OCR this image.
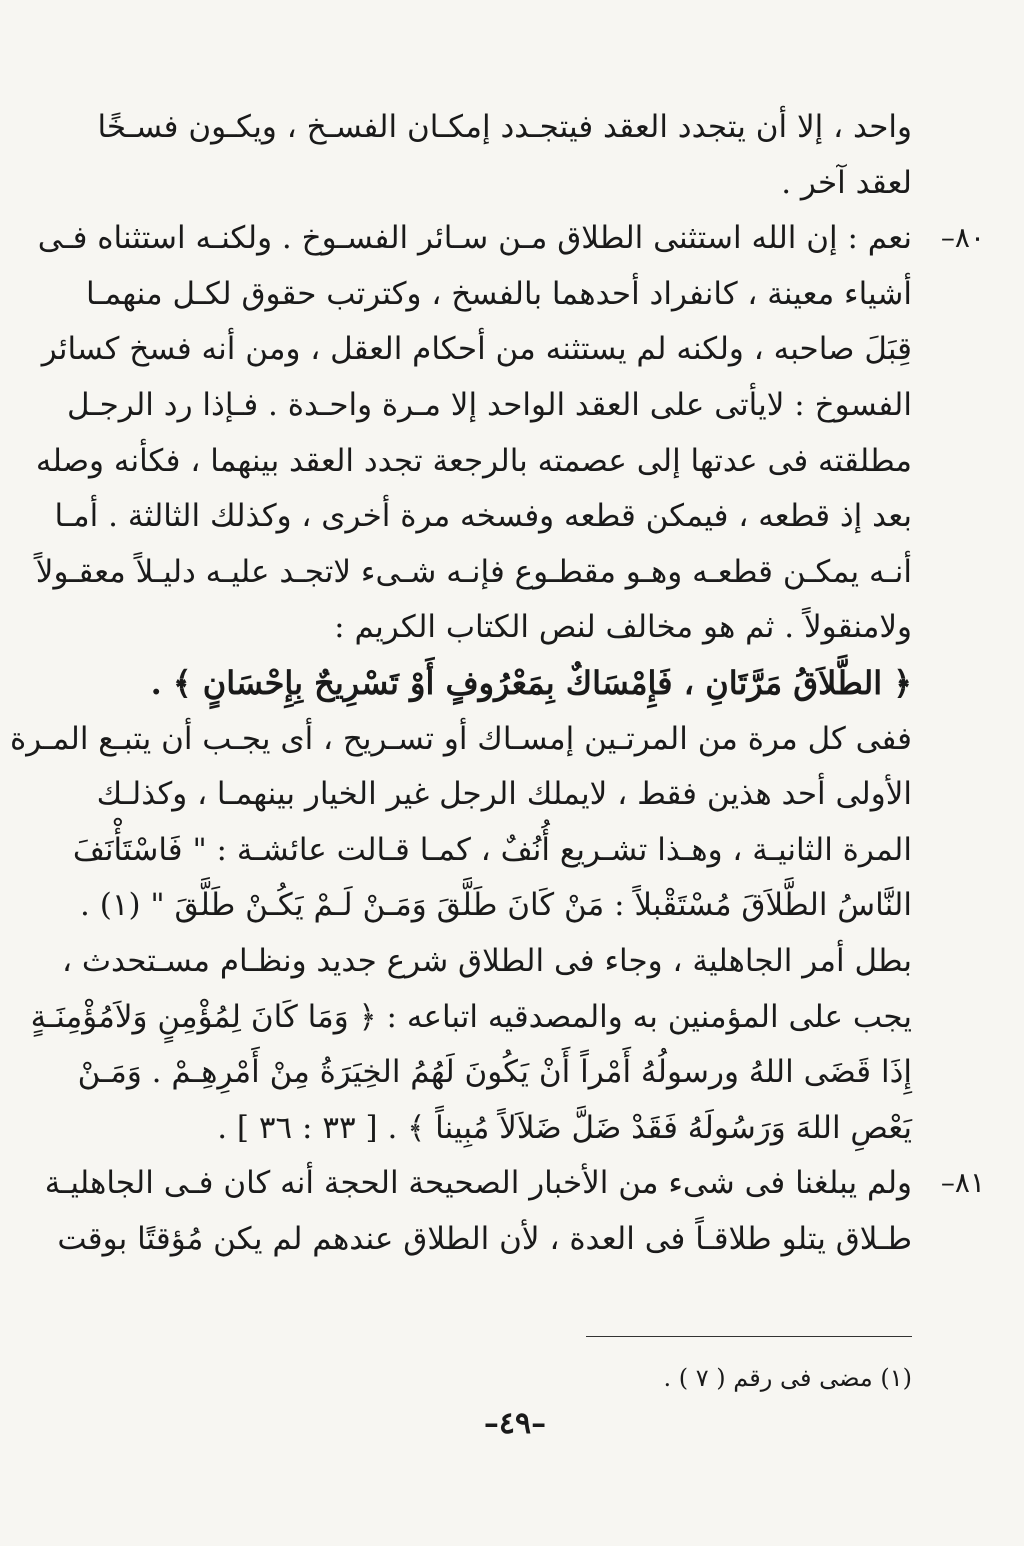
واحد ، إلا أن يتجدد العقد فيتجـدد إمكـان الفسـخ ، ويكـون فسـخًا
لعقد آخر .
٨٠–
نعم : إن الله استثنى الطلاق مـن سـائر الفسـوخ . ولكنـه استثناه فـى
أشياء معينة ، كانفراد أحدهما بالفسخ ، وكترتب حقوق لكـل منهمـا
قِبَلَ صاحبه ، ولكنه لم يستثنه من أحكام العقل ، ومن أنه فسخ كسائر
الفسوخ : لايأتى على العقد الواحد إلا مـرة واحـدة . فـإذا رد الرجـل
مطلقته فى عدتها إلى عصمته بالرجعة تجدد العقد بينهما ، فكأنه وصله
بعد إذ قطعه ، فيمكن قطعه وفسخه مرة أخرى ، وكذلك الثالثة . أمـا
أنـه يمكـن قطعـه وهـو مقطـوع فإنـه شـىء لاتجـد عليـه دليـلاً معقـولاً
ولامنقولاً . ثم هو مخالف لنص الكتاب الكريم :
﴿ الطَّلاَقُ مَرَّتَانِ ، فَإِمْسَاكٌ بِمَعْرُوفٍ أَوْ تَسْرِيحٌ بِإِحْسَانٍ ﴾ .
ففى كل مرة من المرتـين إمسـاك أو تسـريح ، أى يجـب أن يتبـع المـرة
الأولى أحد هذين فقط ، لايملك الرجل غير الخيار بينهمـا ، وكذلـك
المرة الثانيـة ، وهـذا تشـريع أُنُفٌ ، كمـا قـالت عائشـة : " فَاسْتَأْنَفَ
النَّاسُ الطَّلاَقَ مُسْتَقْبلاً : مَنْ كَانَ طَلَّقَ وَمَـنْ لَـمْ يَكُـنْ طَلَّقَ " (١) .
بطل أمر الجاهلية ، وجاء فى الطلاق شرع جديد ونظـام مسـتحدث ،
يجب على المؤمنين به والمصدقيه اتباعه : ﴿ وَمَا كَانَ لِمُؤْمِنٍ وَلاَمُؤْمِنَـةٍ
إِذَا قَضَى اللهُ ورسولُهُ أَمْراً أَنْ يَكُونَ لَهُمُ الخِيَرَةُ مِنْ أَمْرِهِـمْ . وَمَـنْ
يَعْصِ اللهَ وَرَسُولَهُ فَقَدْ ضَلَّ ضَلاَلاً مُبِيناً ﴾ . [ ٣٣ : ٣٦ ] .
٨١–
ولم يبلغنا فى شىء من الأخبار الصحيحة الحجة أنه كان فـى الجاهليـة
طـلاق يتلو طلاقـاً فى العدة ، لأن الطلاق عندهم لم يكن مُؤقتًا بوقت
(١) مضى فى رقم ( ٧ ) .
–٤٩–
